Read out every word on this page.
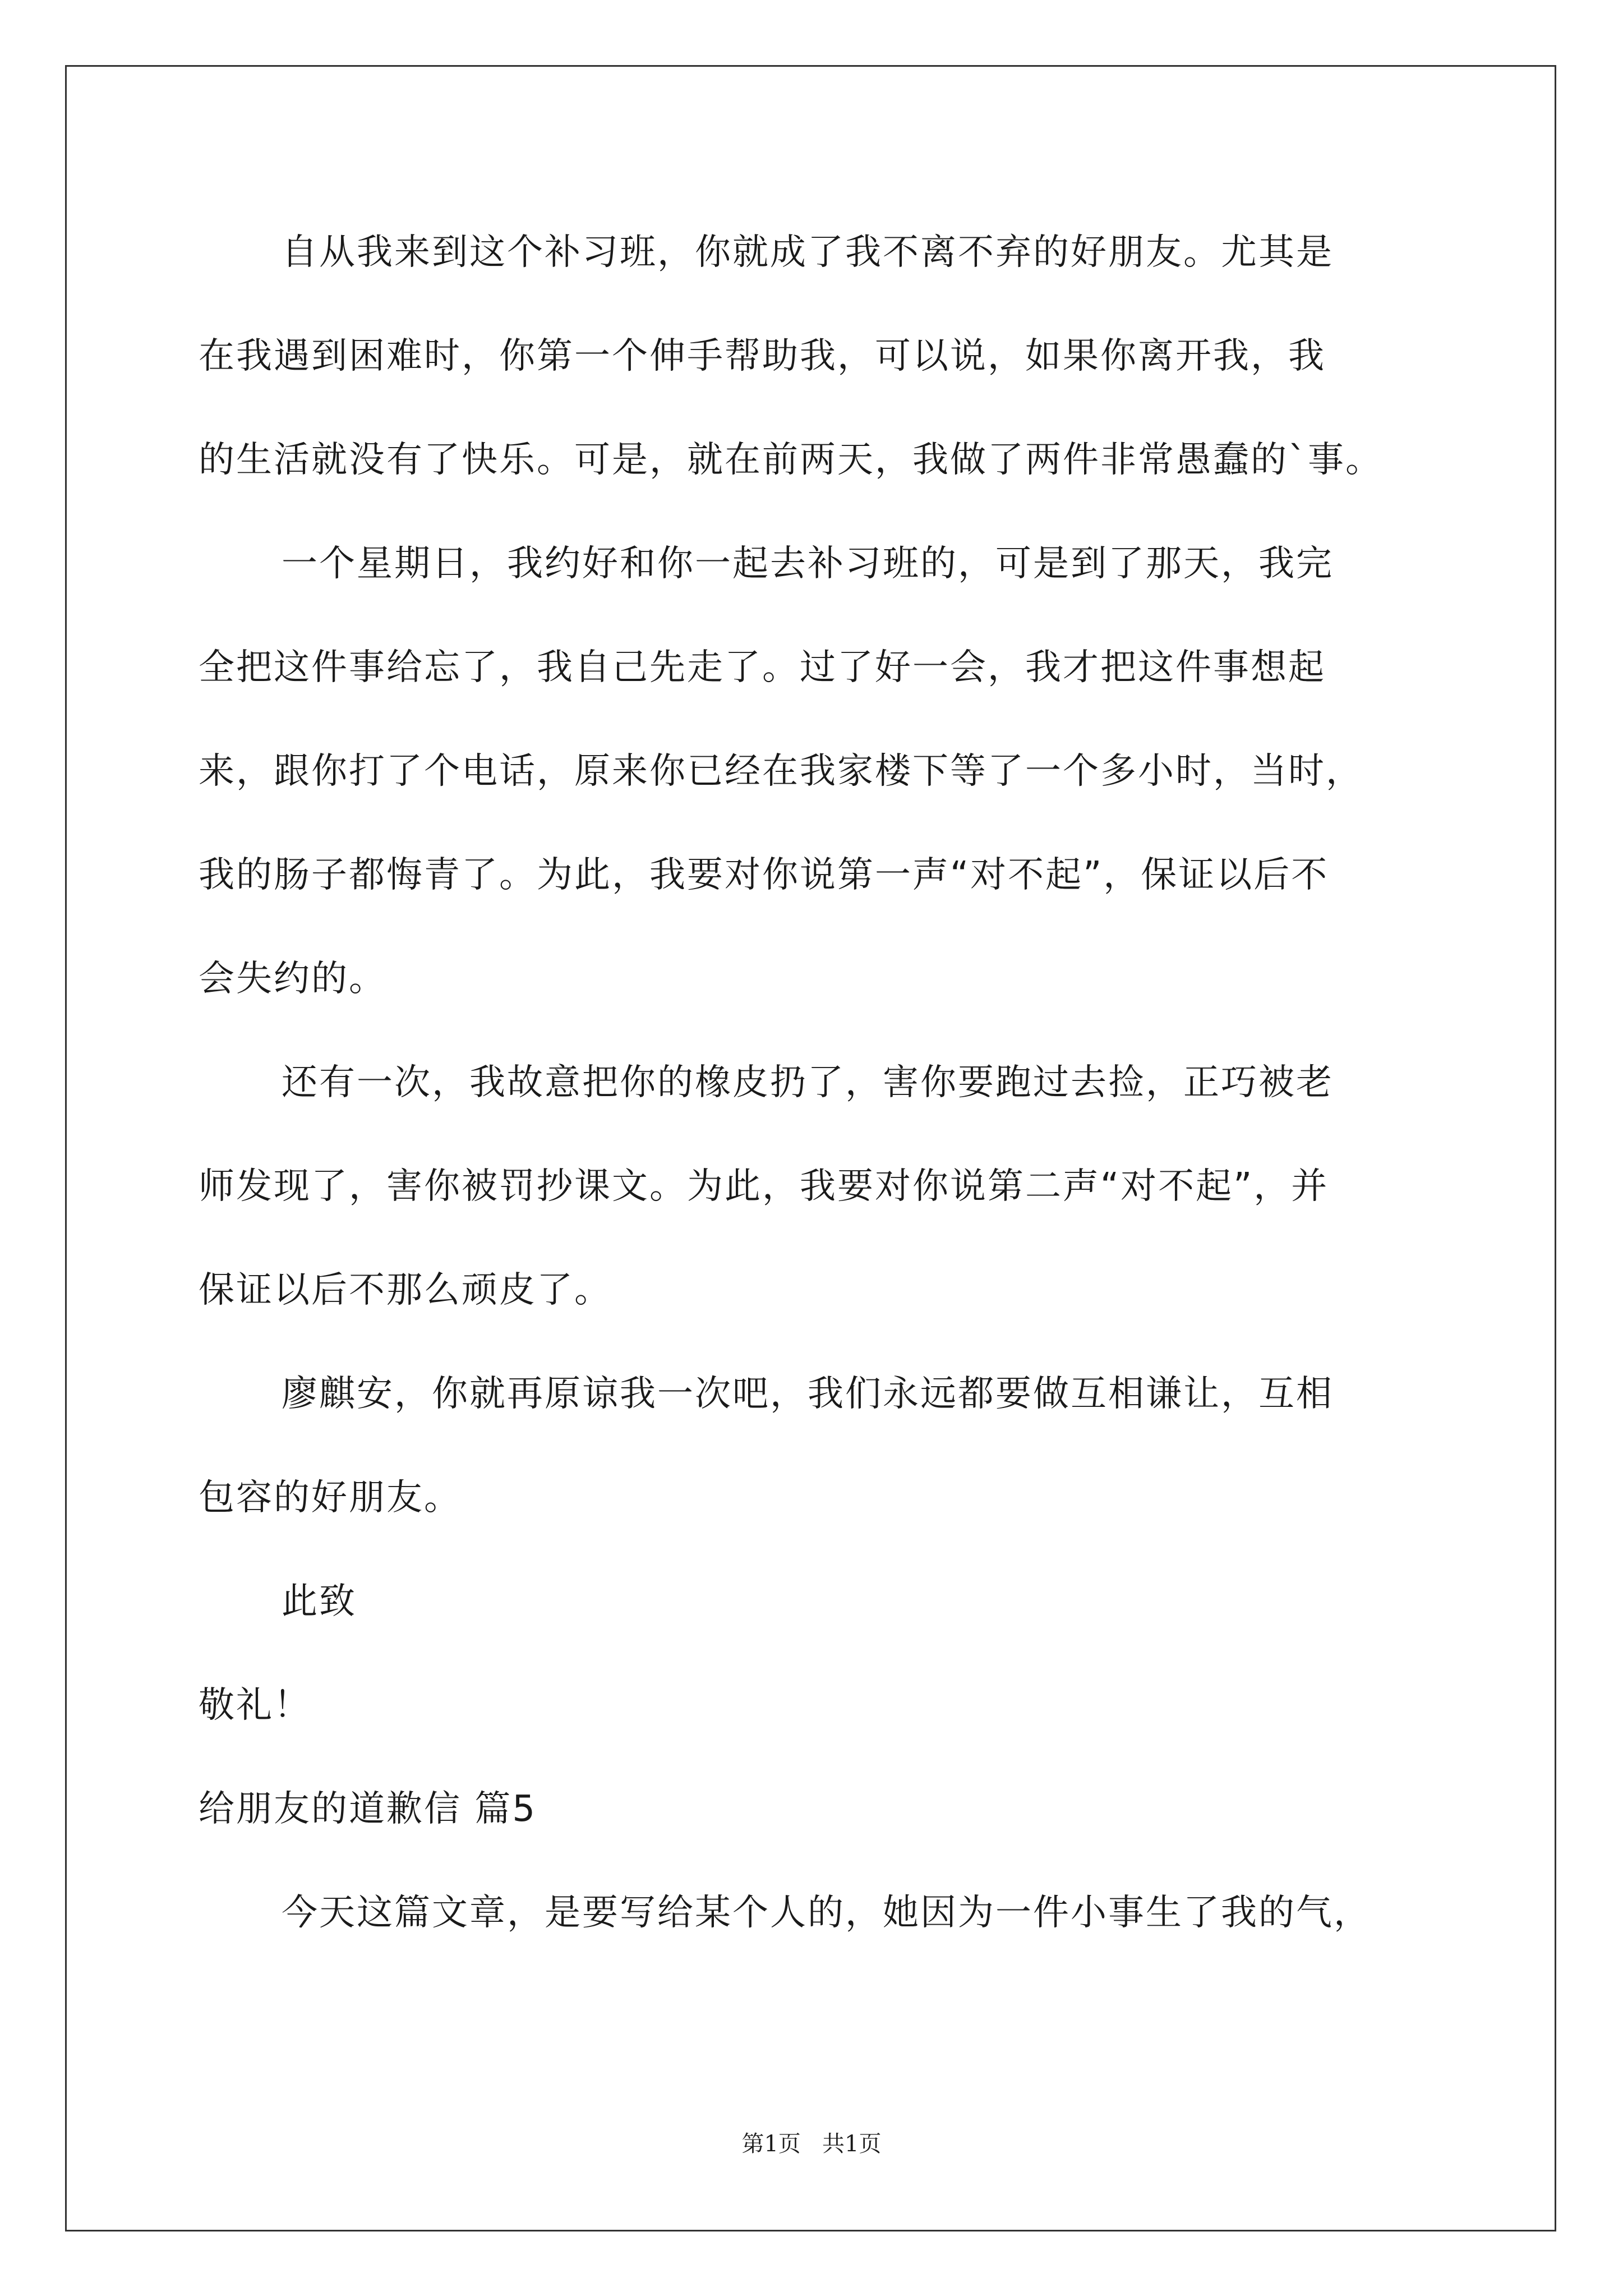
自从我来到这个补习班，你就成了我不离不弃的好朋友。尤其是
在我遇到困难时，你第一个伸手帮助我，可以说，如果你离开我，我
的生活就没有了快乐。可是，就在前两天，我做了两件非常愚蠢的`事。
一个星期日，我约好和你一起去补习班的，可是到了那天，我完
全把这件事给忘了，我自己先走了。过了好一会，我才把这件事想起
来，跟你打了个电话，原来你已经在我家楼下等了一个多小时，当时，
我的肠子都悔青了。为此，我要对你说第一声“对不起”，保证以后不
会失约的。
还有一次，我故意把你的橡皮扔了，害你要跑过去捡，正巧被老
师发现了，害你被罚抄课文。为此，我要对你说第二声“对不起”，并
保证以后不那么顽皮了。
廖麒安，你就再原谅我一次吧，我们永远都要做互相谦让，互相
包容的好朋友。
此致
敬礼！
给朋友的道歉信 篇5
今天这篇文章，是要写给某个人的，她因为一件小事生了我的气，
第1页   共1页
